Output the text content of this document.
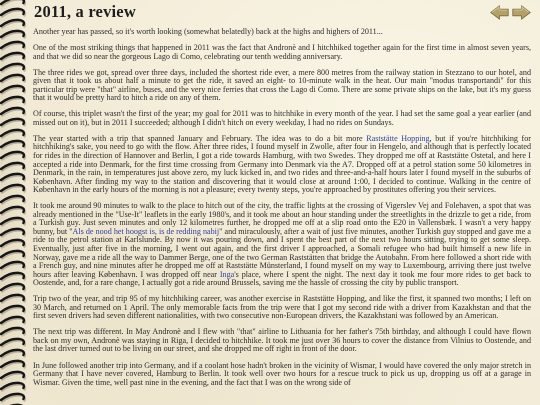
2011, a review

Another year has passed, so it's worth looking (somewhat belatedly) back at the highs and highers of 2011...

One of the most striking things that happened in 2011 was the fact that Andronè and I hitchhiked together again for the first time in almost seven years, and that we did so near the gorgeous Lago di Como, celebrating our tenth wedding anniversary.

The three rides we got, spread over three days, included the shortest ride ever, a mere 800 metres from the railway station in Stezzano to our hotel, and given that it took us about half a minute to get the ride, it saved an eight- to 10-minute walk in the heat. Our main "modus transportandi" for this particular trip were "that" airline, buses, and the very nice ferries that cross the Lago di Como. There are some private ships on the lake, but it's my guess that it would be pretty hard to hitch a ride on any of them.

Of course, this triplet wasn't the first of the year; my goal for 2011 was to hitchhike in every month of the year. I had set the same goal a year earlier (and missed out on it), but in 2011 I succeeded; although I didn't hitch on every weekday, I had no rides on Sundays.

The year started with a trip that spanned January and February. The idea was to do a bit more Raststätte Hopping, but if you're hitchhiking for hitchhiking's sake, you need to go with the flow. After three rides, I found myself in Zwolle, after four in Hengelo, and although that is perfectly located for rides in the direction of Hannover and Berlin, I got a ride towards Hamburg, with two Swedes. They dropped me off at Raststätte Ostetal, and here I accepted a ride into Denmark, for the first time crossing from Germany into Denmark via the A7. Dropped off at a petrol station some 50 kilometres in Denmark, in the rain, in temperatures just above zero, my luck kicked in, and two rides and three-and-a-half hours later I found myself in the suburbs of København. After finding my way to the station and discovering that it would close at around 1:00, I decided to continue. Walking in the centre of København in the early hours of the morning is not a pleasure; every twenty steps, you're approached by prostitutes offering you their services.

It took me around 90 minutes to walk to the place to hitch out of the city, the traffic lights at the crossing of Vigerslev Vej and Folehaven, a spot that was already mentioned in the "Use-It" leaflets in the early 1980's, and it took me about an hour standing under the streetlights in the drizzle to get a ride, from a Turkish guy. Just seven minutes and only 12 kilometres further, he dropped me off at a slip road onto the E20 in Vallensbæk. I wasn't a very happy bunny, but "Als de nood het hoogst is, is de redding nabij" and miraculously, after a wait of just five minutes, another Turkish guy stopped and gave me a ride to the petrol station at Karlslunde. By now it was pouring down, and I spent the best part of the next two hours sitting, trying to get some sleep. Eventually, just after five in the morning, I went out again, and the first driver I approached, a Somali refugee who had built himself a new life in Norway, gave me a ride all the way to Dammer Berge, one of the two German Raststätten that bridge the Autobahn. From here followed a short ride with a French guy, and nine minutes after he dropped me off at Raststätte Münsterland, I found myself on my way to Luxembourg, arriving there just twelve hours after leaving København. I was dropped off near Inga's place, where I spent the night. The next day it took me four more rides to get back to Oostende, and, for a rare change, I actually got a ride around Brussels, saving me the hassle of crossing the city by public transport.

Trip two of the year, and trip 95 of my hitchhiking career, was another exercise in Raststätte Hopping, and like the first, it spanned two months; I left on 30 March, and returned on 1 April. The only memorable facts from the trip were that I got my second ride with a driver from Kazakhstan and that the first seven drivers had seven different nationalities, with two consecutive non-European drivers, the Kazakhstani was followed by an American.

The next trip was different. In May Andronè and I flew with "that" airline to Lithuania for her father's 75th birthday, and although I could have flown back on my own, Andronè was staying in Riga, I decided to hitchhike. It took me just over 36 hours to cover the distance from Vilnius to Oostende, and the last driver turned out to be living on our street, and she dropped me off right in front of the door.

In June followed another trip into Germany, and if a coolant hose hadn't broken in the vicinity of Wismar, I would have covered the only major stretch in Germany that I have never covered, Hamburg to Berlin. It took well over two hours for a rescue truck to pick us up, dropping us off at a garage in Wismar. Given the time, well past nine in the evening, and the fact that I was on the wrong side of
